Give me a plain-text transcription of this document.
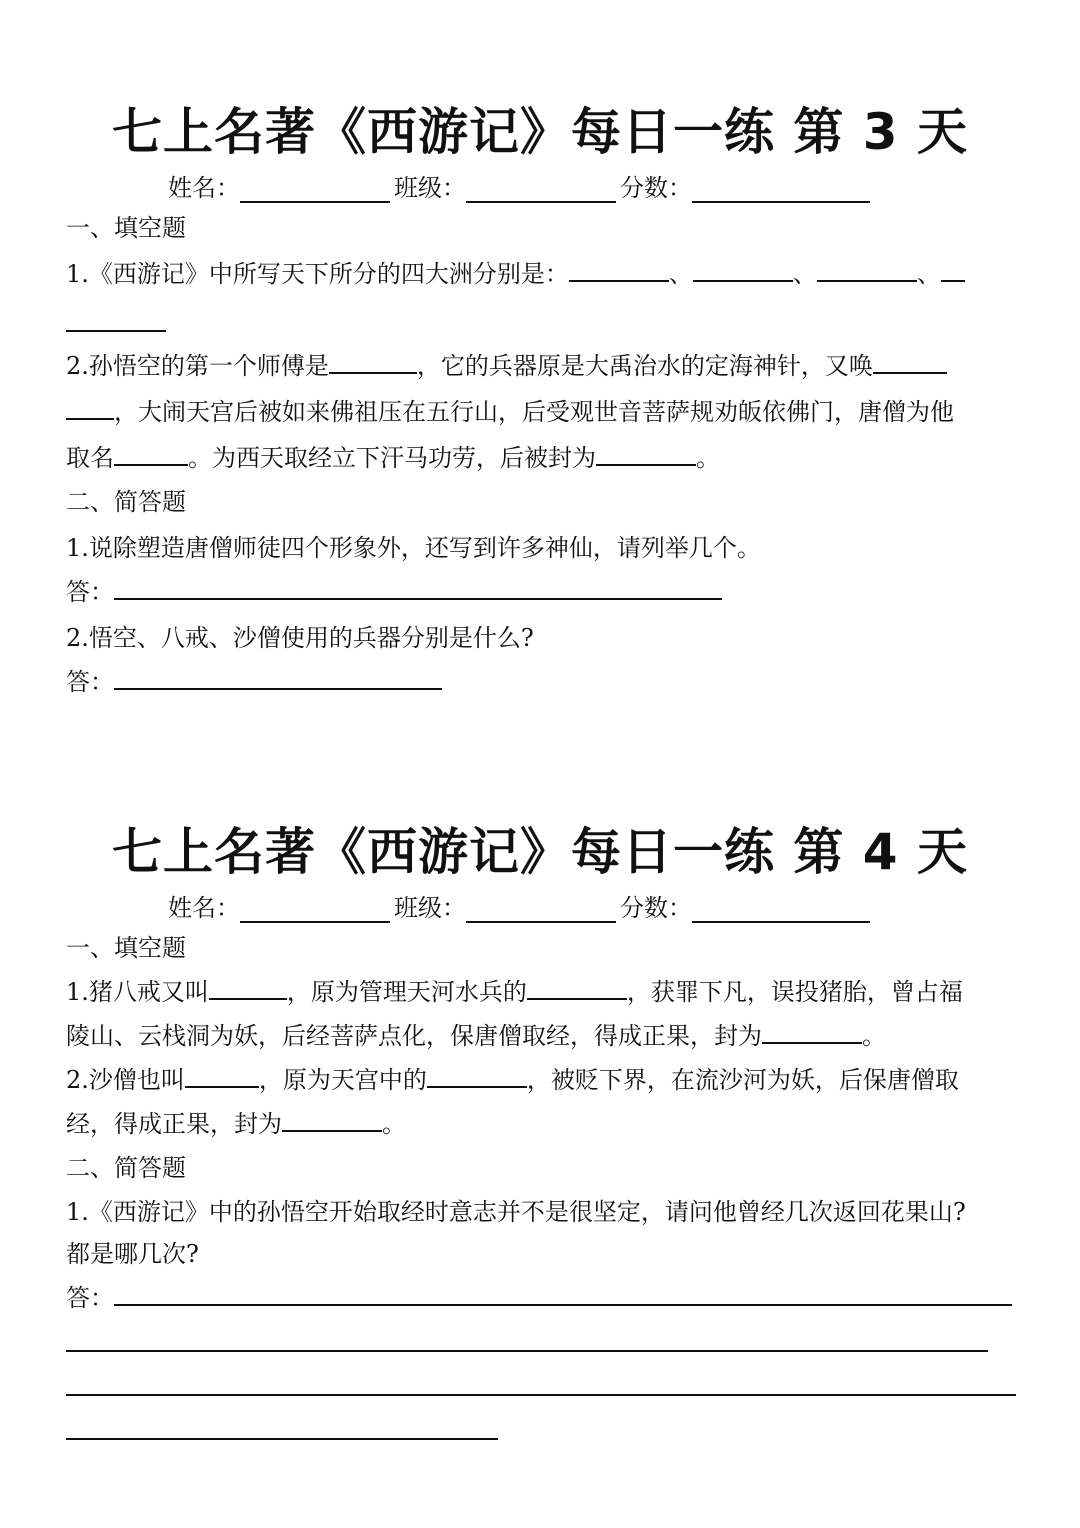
七上名著《西游记》每日一练 第 3 天
姓名：	班级：	分数：
一、填空题
1.《西游记》中所写天下所分的四大洲分别是：	、	、	、
2.孙悟空的第一个师傅是	，它的兵器原是大禹治水的定海神针，又唤
，大闹天宫后被如来佛祖压在五行山，后受观世音菩萨规劝皈依佛门，唐僧为他
取名	。为西天取经立下汗马功劳，后被封为	。
二、简答题
1.说除塑造唐僧师徒四个形象外，还写到许多神仙，请列举几个。
答：
2.悟空、八戒、沙僧使用的兵器分别是什么?
答：
七上名著《西游记》每日一练 第 4 天
姓名：	班级：	分数：
一、填空题
1.猪八戒又叫	，原为管理天河水兵的	，获罪下凡，误投猪胎，曾占福
陵山、云栈洞为妖，后经菩萨点化，保唐僧取经，得成正果，封为	。
2.沙僧也叫	，原为天宫中的	，被贬下界，在流沙河为妖，后保唐僧取
经，得成正果，封为	。
二、简答题
1.《西游记》中的孙悟空开始取经时意志并不是很坚定，请问他曾经几次返回花果山?
都是哪几次?
答：
